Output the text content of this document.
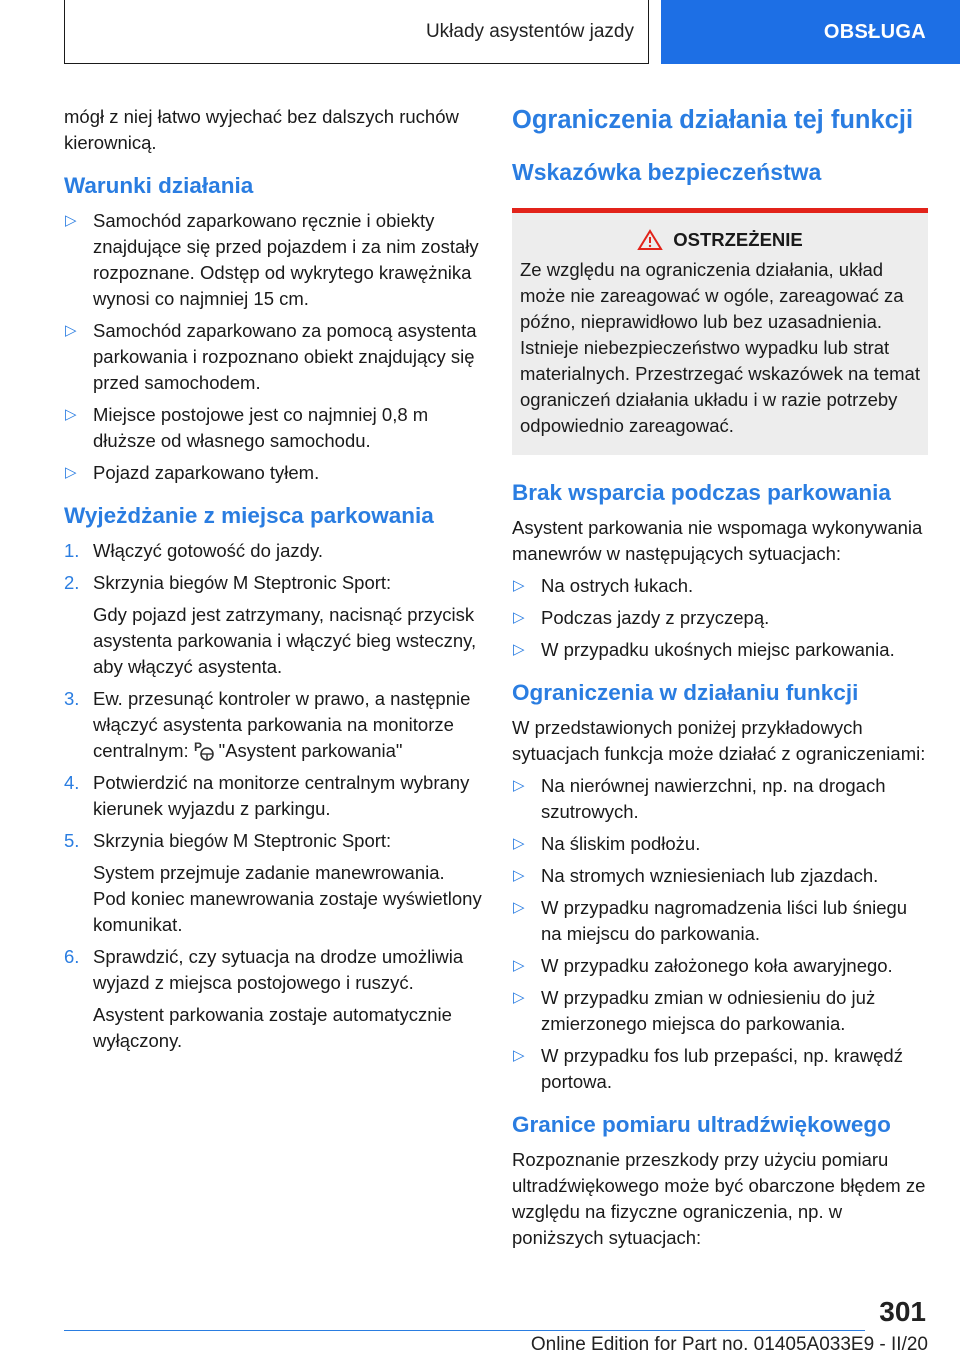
Układy asystentów jazdy	OBSŁUGA

mógł z niej łatwo wyjechać bez dalszych ruchów kierownicą.

Warunki działania
▷ Samochód zaparkowano ręcznie i obiekty znajdujące się przed pojazdem i za nim zostały rozpoznane. Odstęp od wykrytego krawężnika wynosi co najmniej 15 cm.
▷ Samochód zaparkowano za pomocą asystenta parkowania i rozpoznano obiekt znajdujący się przed samochodem.
▷ Miejsce postojowe jest co najmniej 0,8 m dłuższe od własnego samochodu.
▷ Pojazd zaparkowano tyłem.
Wyjeżdżanie z miejsca parkowania
1. Włączyć gotowość do jazdy.
2. Skrzynia biegów M Steptronic Sport:
Gdy pojazd jest zatrzymany, nacisnąć przycisk asystenta parkowania i włączyć bieg wsteczny, aby włączyć asystenta.
3. Ew. przesunąć kontroler w prawo, a następnie włączyć asystenta parkowania na monitorze centralnym: P "Asystent parkowania"
4. Potwierdzić na monitorze centralnym wybrany kierunek wyjazdu z parkingu.
5. Skrzynia biegów M Steptronic Sport:
System przejmuje zadanie manewrowania. Pod koniec manewrowania zostaje wyświetlony komunikat.
6. Sprawdzić, czy sytuacja na drodze umożliwia wyjazd z miejsca postojowego i ruszyć.
Asystent parkowania zostaje automatycznie wyłączony.
Ograniczenia działania tej funkcji
Wskazówka bezpieczeństwa
OSTRZEŻENIE
Ze względu na ograniczenia działania, układ może nie zareagować w ogóle, zareagować za późno, nieprawidłowo lub bez uzasadnienia. Istnieje niebezpieczeństwo wypadku lub strat materialnych. Przestrzegać wskazówek na temat ograniczeń działania układu i w razie potrzeby odpowiednio zareagować.
Brak wsparcia podczas parkowania

Asystent parkowania nie wspomaga wykonywania manewrów w następujących sytuacjach:

▷ Na ostrych łukach.
▷ Podczas jazdy z przyczepą.
▷ W przypadku ukośnych miejsc parkowania.
Ograniczenia w działaniu funkcji

W przedstawionych poniżej przykładowych sytuacjach funkcja może działać z ograniczeniami:

▷ Na nierównej nawierzchni, np. na drogach szutrowych.
▷ Na śliskim podłożu.
▷ Na stromych wzniesieniach lub zjazdach.
▷ W przypadku nagromadzenia liści lub śniegu na miejscu do parkowania.
▷ W przypadku założonego koła awaryjnego.
▷ W przypadku zmian w odniesieniu do już zmierzonego miejsca do parkowania.
▷ W przypadku fos lub przepaści, np. krawędź portowa.
Granice pomiaru ultradźwiękowego

Rozpoznanie przeszkody przy użyciu pomiaru ultradźwiękowego może być obarczone błędem ze względu na fizyczne ograniczenia, np. w poniższych sytuacjach:

301
Online Edition for Part no. 01405A033E9 - II/20
